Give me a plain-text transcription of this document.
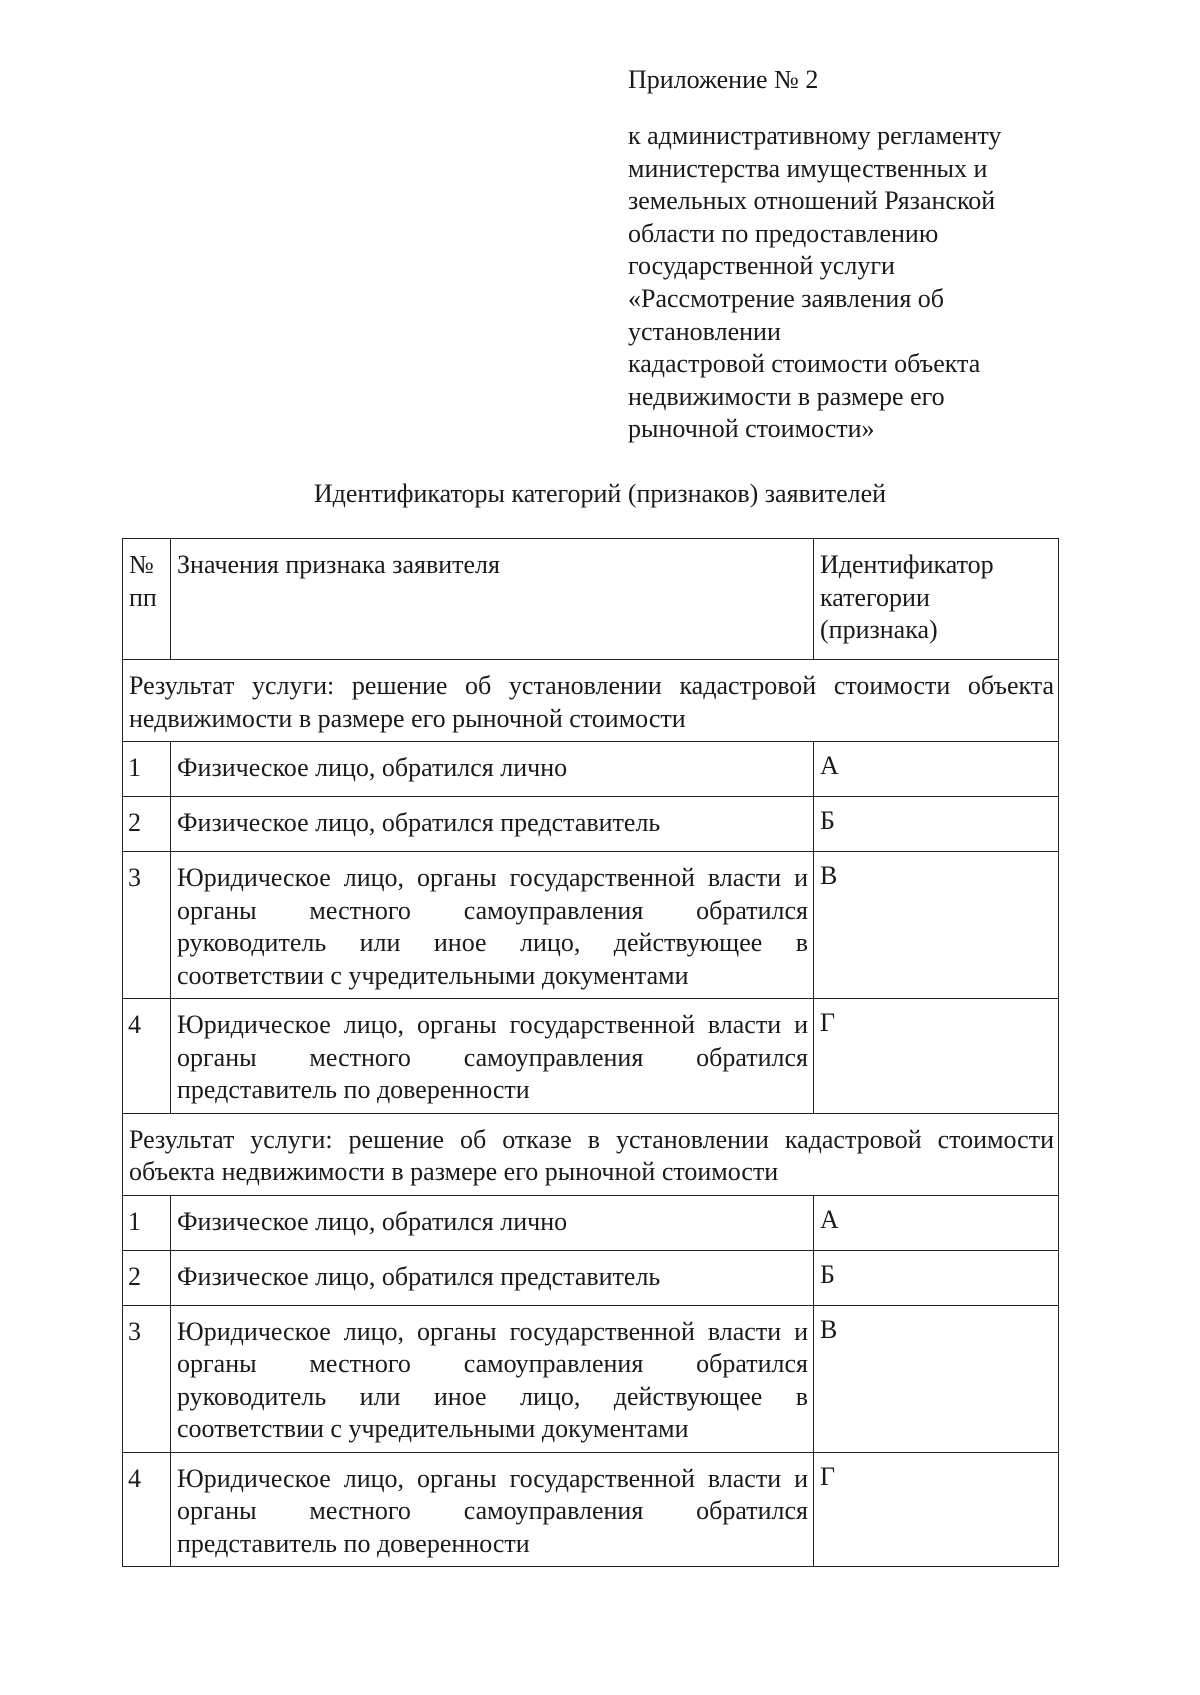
Приложение № 2
к административному регламенту
министерства имущественных и
земельных отношений Рязанской
области по предоставлению
государственной услуги
«Рассмотрение заявления об
установлении
кадастровой стоимости объекта
недвижимости в размере его
рыночной стоимости»
Идентификаторы категорий (признаков) заявителей
№ пп	Значения признака заявителя	Идентификатор категории (признака)
Результат услуги: решение об установлении кадастровой стоимости объекта недвижимости в размере его рыночной стоимости		
1	Физическое лицо, обратился лично	А
2	Физическое лицо, обратился представитель	Б
3	Юридическое лицо, органы государственной власти и органы местного самоуправления обратился руководитель или иное лицо, действующее в соответствии с учредительными документами	В
4	Юридическое лицо, органы государственной власти и органы местного самоуправления обратился представитель по доверенности	Г
Результат услуги: решение об отказе в установлении кадастровой стоимости объекта недвижимости в размере его рыночной стоимости		
1	Физическое лицо, обратился лично	А
2	Физическое лицо, обратился представитель	Б
3	Юридическое лицо, органы государственной власти и органы местного самоуправления обратился руководитель или иное лицо, действующее в соответствии с учредительными документами	В
4	Юридическое лицо, органы государственной власти и органы местного самоуправления обратился представитель по доверенности	Г
